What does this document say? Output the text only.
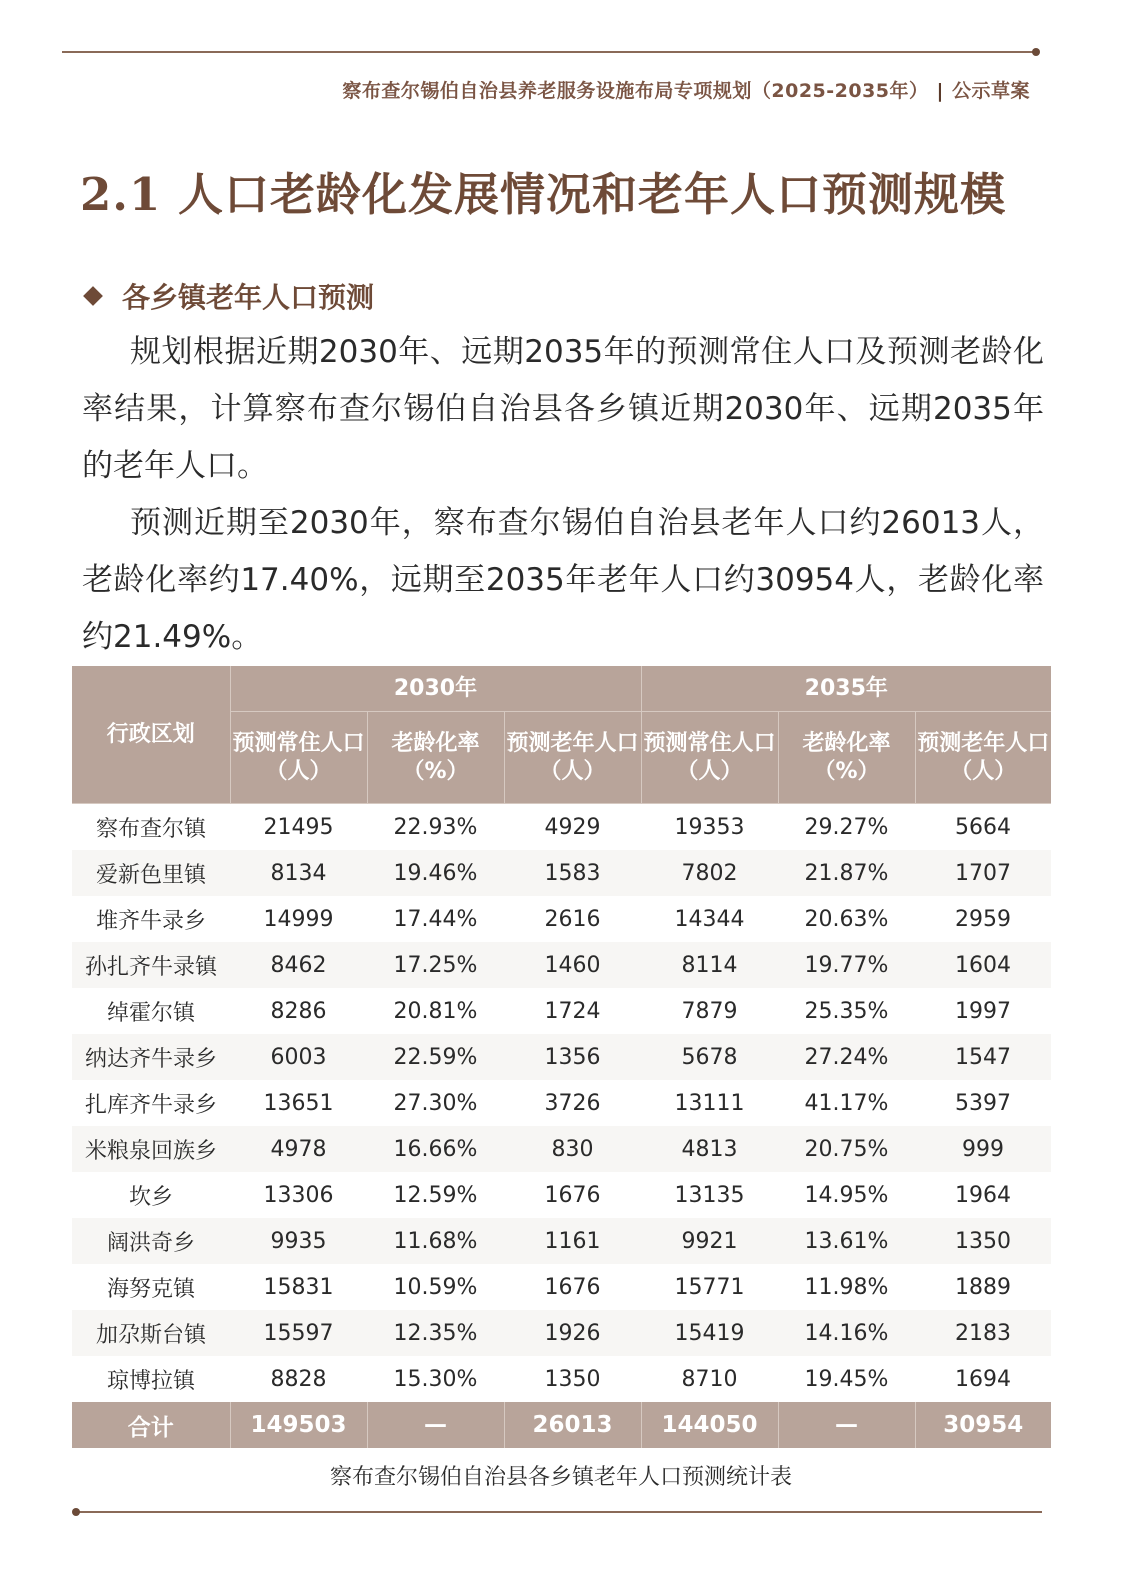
察布查尔锡伯自治县养老服务设施布局专项规划（2025-2035年） | 公示草案
2.1 人口老龄化发展情况和老年人口预测规模
各乡镇老年人口预测
规划根据近期2030年、远期2035年的预测常住人口及预测老龄化率结果，计算察布查尔锡伯自治县各乡镇近期2030年、远期2035年的老年人口。
预测近期至2030年，察布查尔锡伯自治县老年人口约26013人，老龄化率约17.40%，远期至2035年老年人口约30954人，老龄化率约21.49%。
行政区划	2030年			2035年		
	预测常住人口（人）	老龄化率（%）	预测老年人口（人）	预测常住人口（人）	老龄化率（%）	预测老年人口（人）
察布查尔镇	21495	22.93%	4929	19353	29.27%	5664
爱新色里镇	8134	19.46%	1583	7802	21.87%	1707
堆齐牛录乡	14999	17.44%	2616	14344	20.63%	2959
孙扎齐牛录镇	8462	17.25%	1460	8114	19.77%	1604
绰霍尔镇	8286	20.81%	1724	7879	25.35%	1997
纳达齐牛录乡	6003	22.59%	1356	5678	27.24%	1547
扎库齐牛录乡	13651	27.30%	3726	13111	41.17%	5397
米粮泉回族乡	4978	16.66%	830	4813	20.75%	999
坎乡	13306	12.59%	1676	13135	14.95%	1964
阔洪奇乡	9935	11.68%	1161	9921	13.61%	1350
海努克镇	15831	10.59%	1676	15771	11.98%	1889
加尕斯台镇	15597	12.35%	1926	15419	14.16%	2183
琼博拉镇	8828	15.30%	1350	8710	19.45%	1694
合计	149503	—	26013	144050	—	30954
察布查尔锡伯自治县各乡镇老年人口预测统计表
